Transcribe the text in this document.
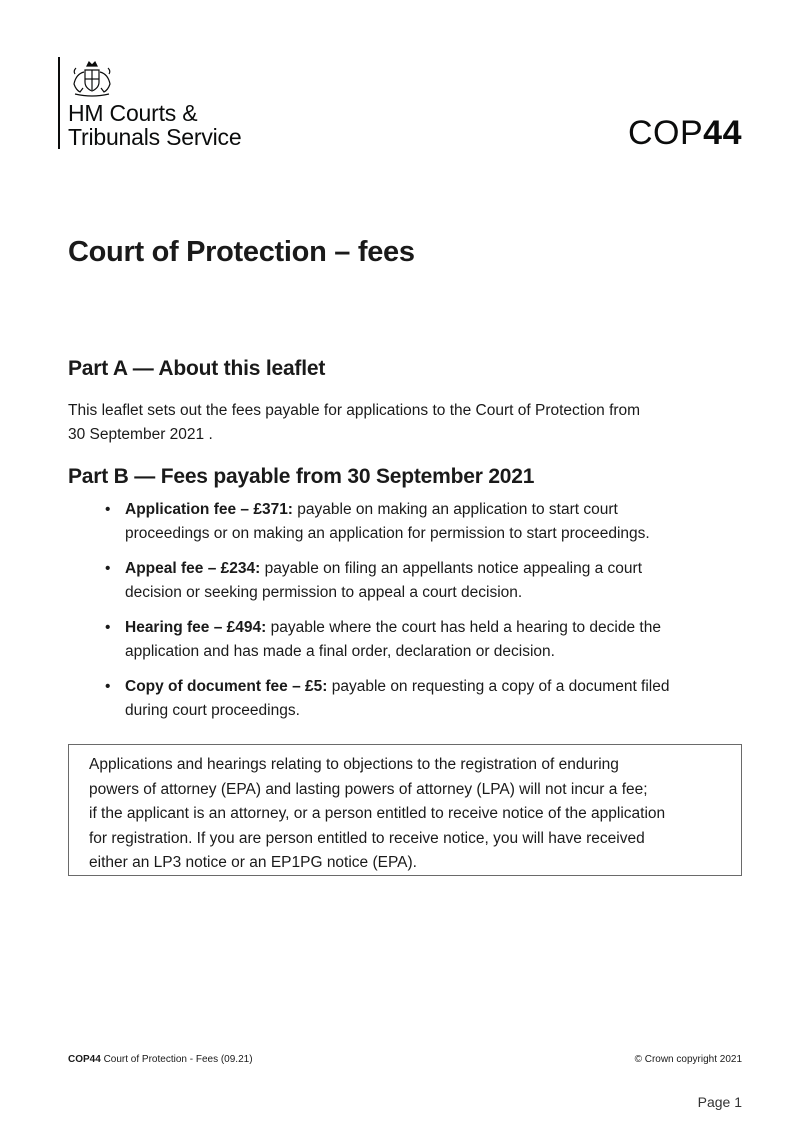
HM Courts &
Tribunals Service	COP44
Court of Protection – fees
Part A — About this leaflet

This leaflet sets out the fees payable for applications to the Court of Protection from
30 September 2021 .

Part B — Fees payable from 30 September 2021
• Application fee – £371: payable on making an application to start court
proceedings or on making an application for permission to start proceedings.
• Appeal fee – £234: payable on filing an appellants notice appealing a court
decision or seeking permission to appeal a court decision.
• Hearing fee – £494: payable where the court has held a hearing to decide the
application and has made a final order, declaration or decision.
• Copy of document fee – £5: payable on requesting a copy of a document filed
during court proceedings.
Applications and hearings relating to objections to the registration of enduring
powers of attorney (EPA) and lasting powers of attorney (LPA) will not incur a fee;
if the applicant is an attorney, or a person entitled to receive notice of the application
for registration. If you are person entitled to receive notice, you will have received
either an LP3 notice or an EP1PG notice (EPA).
COP44 Court of Protection - Fees (09.21)	© Crown copyright 2021
Page 1
